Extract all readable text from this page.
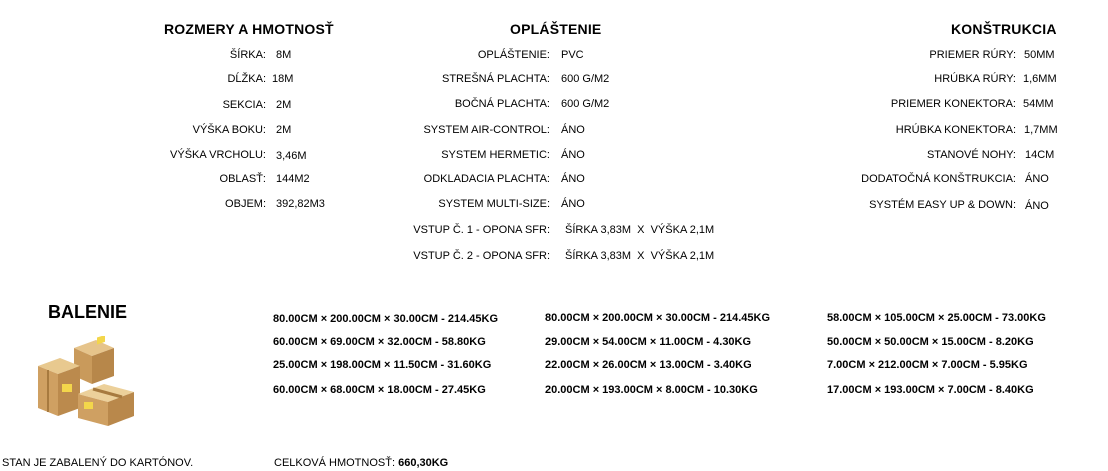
ROZMERY A HMOTNOSŤ	OPLÁŠTENIE	KONŠTRUKCIA
ŠÍRKA: 8M
DĹŽKA: 18M
SEKCIA: 2M
VÝŠKA BOKU: 2M
VÝŠKA VRCHOLU: 3,46M
OBLASŤ: 144M2
OBJEM: 392,82M3
OPLÁŠTENIE: PVC
STREŠNÁ PLACHTA: 600 G/M2
BOČNÁ PLACHTA: 600 G/M2
SYSTEM AIR-CONTROL: ÁNO
SYSTEM HERMETIC: ÁNO
ODKLADACIA PLACHTA: ÁNO
SYSTEM MULTI-SIZE: ÁNO
VSTUP Č. 1 - OPONA SFR: ŠÍRKA 3,83M  X  VÝŠKA 2,1M
VSTUP Č. 2 - OPONA SFR: ŠÍRKA 3,83M  X  VÝŠKA 2,1M
PRIEMER RÚRY: 50MM
HRÚBKA RÚRY: 1,6MM
PRIEMER KONEKTORA: 54MM
HRÚBKA KONEKTORA: 1,7MM
STANOVÉ NOHY: 14CM
DODATOČNÁ KONŠTRUKCIA: ÁNO
SYSTÉM EASY UP & DOWN: ÁNO
BALENIE	80.00CM × 200.00CM × 30.00CM - 214.45KG	80.00CM × 200.00CM × 30.00CM - 214.45KG	58.00CM × 105.00CM × 25.00CM - 73.00KG
60.00CM × 69.00CM × 32.00CM - 58.80KG	29.00CM × 54.00CM × 11.00CM - 4.30KG	50.00CM × 50.00CM × 15.00CM - 8.20KG
25.00CM × 198.00CM × 11.50CM - 31.60KG	22.00CM × 26.00CM × 13.00CM - 3.40KG	7.00CM × 212.00CM × 7.00CM - 5.95KG
60.00CM × 68.00CM × 18.00CM - 27.45KG	20.00CM × 193.00CM × 8.00CM - 10.30KG	17.00CM × 193.00CM × 7.00CM - 8.40KG
STAN JE ZABALENÝ DO KARTÓNOV.	CELKOVÁ HMOTNOSŤ: 660,30KG
